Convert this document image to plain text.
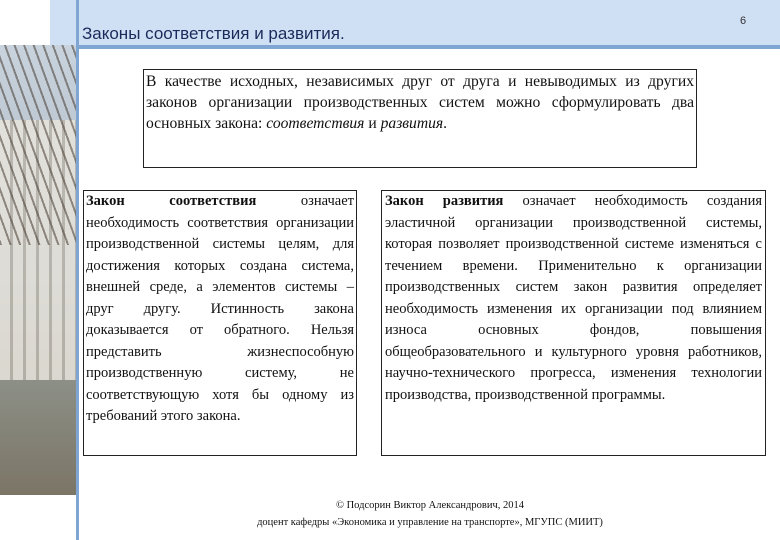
Законы соответствия и развития.
6

В качестве исходных, независимых друг от друга и невыводимых из других законов организации производственных систем можно сформулировать два основных закона: соответствия и развития.

Закон соответствия означает необходимость соответствия организации производственной системы целям, для достижения которых создана система, внешней среде, а элементов системы – друг другу. Истинность закона доказывается от обратного. Нельзя представить жизнеспособную производственную систему, не соответствующую хотя бы одному из требований этого закона.

Закон развития означает необходимость создания эластичной организации производственной системы, которая позволяет производственной системе изменяться с течением времени. Применительно к организации производственных систем закон развития определяет необходимость изменения их организации под влиянием износа основных фондов, повышения общеобразовательного и культурного уровня работников, научно-технического прогресса, изменения технологии производства, производственной программы.

© Подсорин Виктор Александрович, 2014
доцент кафедры «Экономика и управление на транспорте», МГУПС (МИИТ)
